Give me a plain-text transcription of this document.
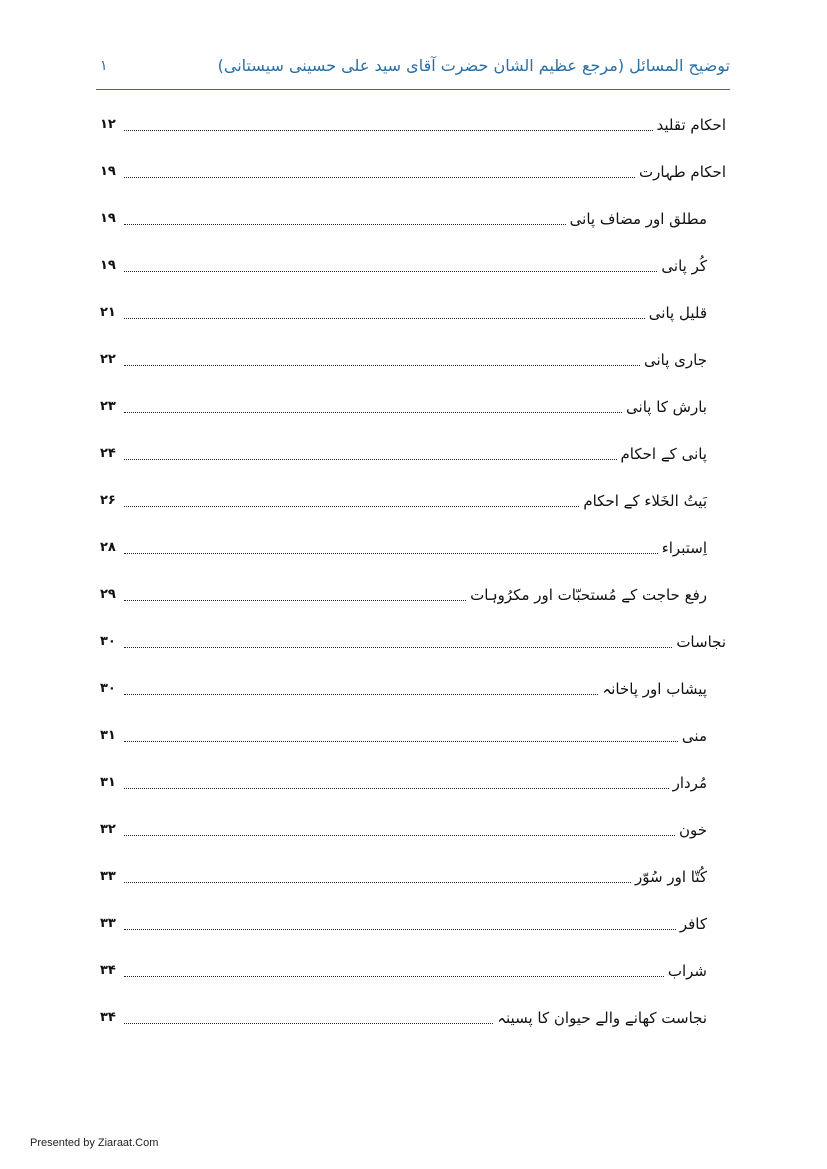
توضیح المسائل (مرجع عظیم الشان حضرت آقای سید علی حسینی سیستانی)
۱
احکام تقلید
۱۲
احکام طہارت
۱۹
مطلق اور مضاف پانی
۱۹
کُر پانی
۱۹
قلیل پانی
۲۱
جاری پانی
۲۲
بارش کا پانی
۲۳
پانی کے احکام
۲۴
بَیتُ الخَلاء کے احکام
۲۶
اِستبراء
۲۸
رفع حاجت کے مُستحبّات اور مکرُوہات
۲۹
نجاسات
۳۰
پیشاب اور پاخانہ
۳۰
منی
۳۱
مُردار
۳۱
خون
۳۲
کُتّا اور سُوّر
۳۳
کافر
۳۳
شراب
۳۴
نجاست کھانے والے حیوان کا پسینہ
۳۴
Presented by Ziaraat.Com
